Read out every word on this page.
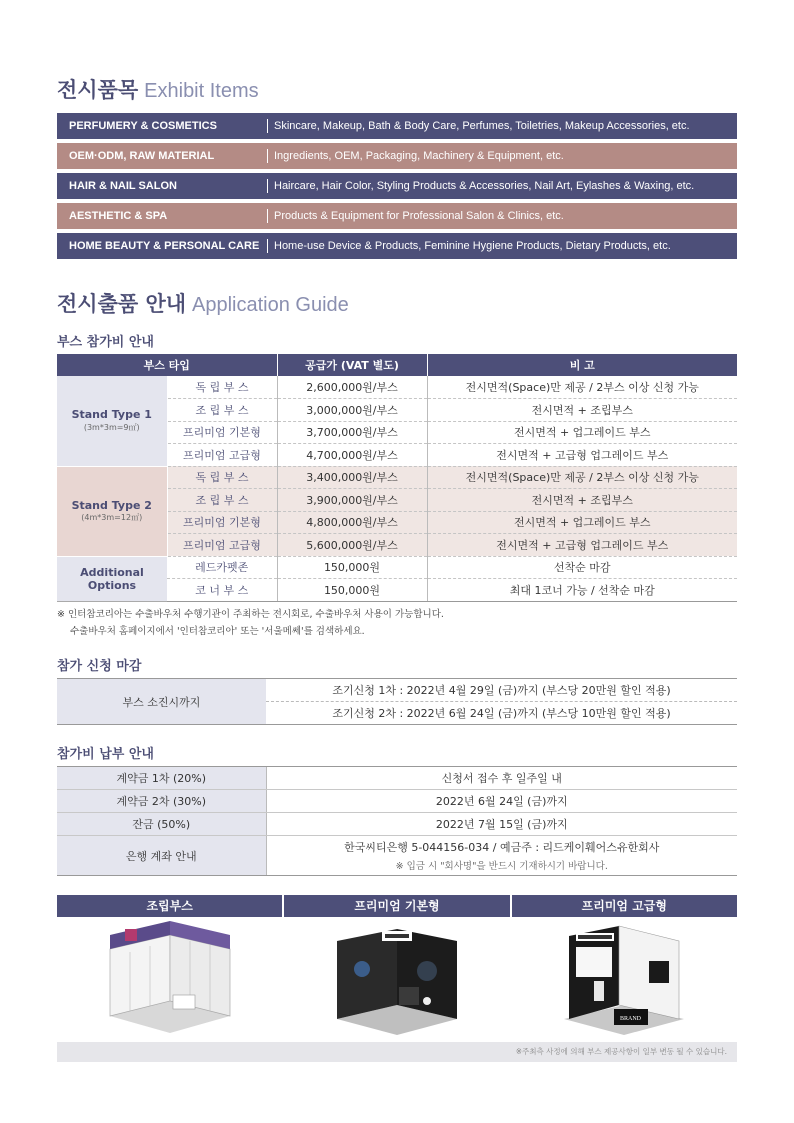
전시품목 Exhibit Items
PERFUMERY & COSMETICS	Skincare, Makeup, Bath & Body Care, Perfumes, Toiletries, Makeup Accessories, etc.
OEM·ODM, RAW MATERIAL	Ingredients, OEM, Packaging, Machinery & Equipment, etc.
HAIR & NAIL SALON	Haircare, Hair Color, Styling Products & Accessories, Nail Art, Eylashes & Waxing, etc.
AESTHETIC & SPA	Products & Equipment for Professional Salon & Clinics, etc.
HOME BEAUTY & PERSONAL CARE	Home-use Device & Products, Feminine Hygiene Products, Dietary Products, etc.
전시출품 안내 Application Guide
부스 참가비 안내
부스 타입		공급가 (VAT 별도)	비 고
Stand Type 1
(3m*3m=9㎡)	독 립 부 스	2,600,000원/부스	전시면적(Space)만 제공 / 2부스 이상 신청 가능
	조 립 부 스	3,000,000원/부스	전시면적 + 조립부스
	프리미엄 기본형	3,700,000원/부스	전시면적 + 업그레이드 부스
	프리미엄 고급형	4,700,000원/부스	전시면적 + 고급형 업그레이드 부스
Stand Type 2
(4m*3m=12㎡)	독 립 부 스	3,400,000원/부스	전시면적(Space)만 제공 / 2부스 이상 신청 가능
	조 립 부 스	3,900,000원/부스	전시면적 + 조립부스
	프리미엄 기본형	4,800,000원/부스	전시면적 + 업그레이드 부스
	프리미엄 고급형	5,600,000원/부스	전시면적 + 고급형 업그레이드 부스
Additional
Options	레드카펫존	150,000원	선착순 마감
	코 너 부 스	150,000원	최대 1코너 가능 / 선착순 마감
※ 인터참코리아는 수출바우처 수행기관이 주최하는 전시회로, 수출바우처 사용이 가능합니다.
수출바우처 홈페이지에서 '인터참코리아' 또는 '서울메쎄'를 검색하세요.
참가 신청 마감
부스 소진시까지	조기신청 1차 : 2022년 4월 29일 (금)까지 (부스당 20만원 할인 적용)
조기신청 2차 : 2022년 6월 24일 (금)까지 (부스당 10만원 할인 적용)
참가비 납부 안내
계약금 1차 (20%)	신청서 접수 후 일주일 내
계약금 2차 (30%)	2022년 6월 24일 (금)까지
잔금 (50%)	2022년 7월 15일 (금)까지
은행 계좌 안내	한국씨티은행 5-044156-034 / 예금주 : 리드케이훼어스유한회사
※ 입금 시 "회사명"을 반드시 기재하시기 바랍니다.
조립부스	프리미엄 기본형	프리미엄 고급형
BRAND
※주최측 사정에 의해 부스 제공사항이 일부 변동 될 수 있습니다.
